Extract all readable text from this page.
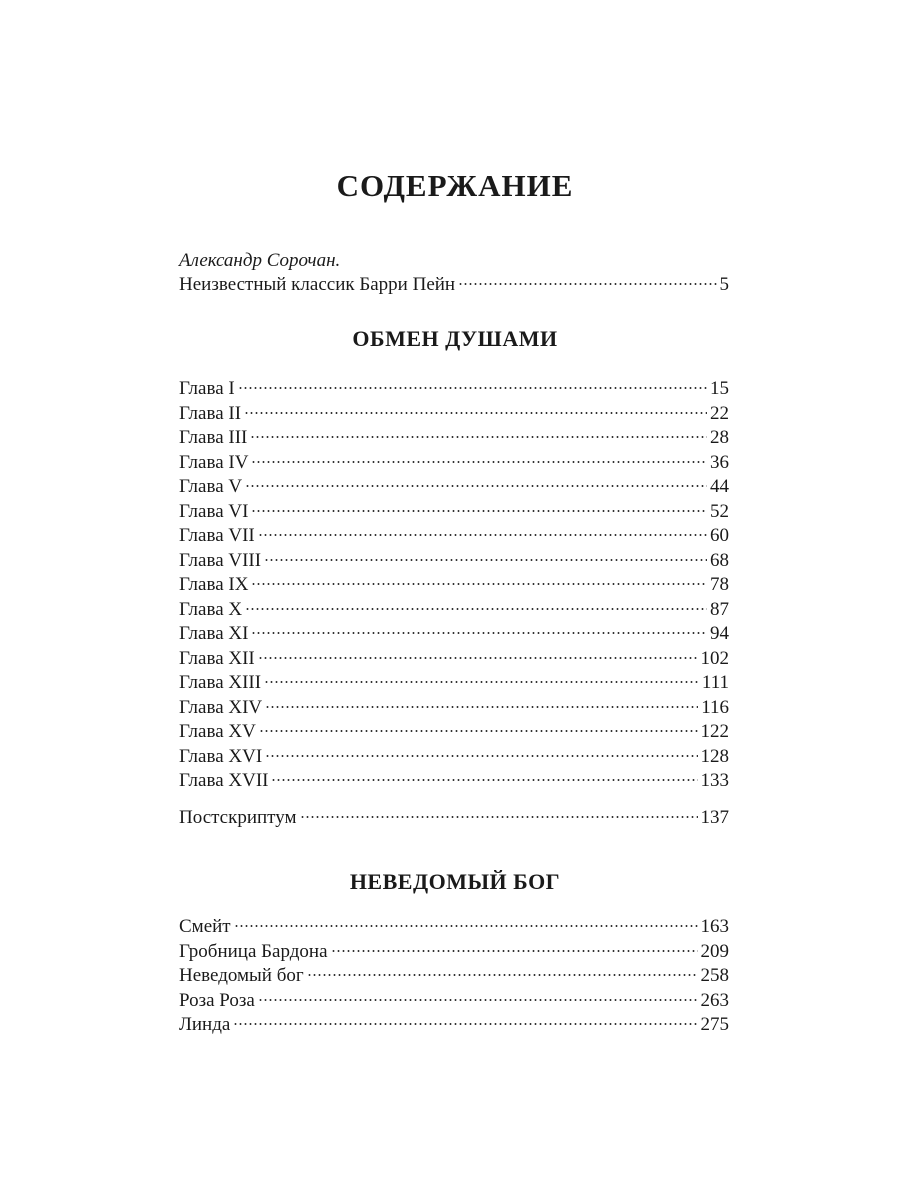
СОДЕРЖАНИЕ
Александр Сорочан.
Неизвестный классик Барри Пейн	5
ОБМЕН ДУШАМИ
Глава I	15
Глава II	22
Глава III	28
Глава IV	36
Глава V	44
Глава VI	52
Глава VII	60
Глава VIII	68
Глава IX	78
Глава X	87
Глава XI	94
Глава XII	102
Глава XIII	111
Глава XIV	116
Глава XV	122
Глава XVI	128
Глава XVII	133
Постскриптум	137
НЕВЕДОМЫЙ БОГ
Смейт	163
Гробница Бардона	209
Неведомый бог	258
Роза Роза	263
Линда	275
